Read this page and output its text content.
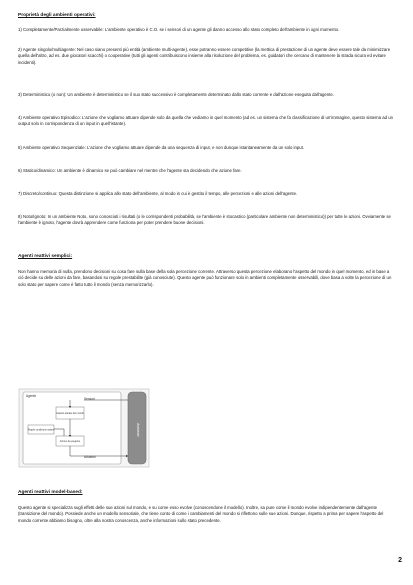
Proprietà degli ambienti operativi:

1) Completamente/Parzialmente osservabile: L'ambiente operativo è C.O. se i sensori di un agente gli danno accesso allo stato completo dell'ambiente in ogni momento.

2) Agente singolo/multiagente: Nel caso siano presenti più entità (ambiente multi-agente), esse potranno essere competitive (la mettica di prestazione di un agente deve essere tale da minimizzare quella dell'altro, ad es. due giocatori scacchi) o cooperative (tutti gli agenti contribuiscono insieme alla risoluzione del problema, es. guidatori che cercano di mantenere la strada sicura ed evitare incidenti).

3) Deterministico (o non): Un ambiente è deterministico se il suo stato successivo è completamente determinato dallo stato corrente e dall'azione eseguita dall'agente.

4) Ambiente operativo Episodico: L'azione che vogliamo attuare dipende solo da quella che vediamo in quel momento (ad es. un sistema che fa classificazione di un'immagine, questo sistema ad un output solo in corrispondenza di un input in quell'istante).

5) Ambiente operativo Sequenziale: L'azione che vogliamo attuare dipende da una sequenza di input, e non dunque istantaneamente da un solo input.

6) Statico/dinamico: Un ambiente è dinamico se può cambiare nel mentre che l'agente sta decidendo che azione fare.

7) Discreto/continuo: Questa distinzione si applica allo stato dell'ambiente, al modo in cui è gestito il tempo, alle percezioni e alle azioni dell'agente.

8) Noto/Ignoto: In un ambiente Noto, sono conosciuti i risultati (o le corrispondenti probabilità, se l'ambiente è stocastico (particolare ambiente non deterministico)) per tutte le azioni. Ovviamente se l'ambiente è ignoto, l'agente dovrà apprendere come funziona per poter prendere buone decisioni.

Agenti reattivi semplici:

Non hanno memoria di nulla, prendono decisioni su cosa fare sulla base della sola percezione corrente. Attraverso questa percezione elaborano l'aspetto del mondo in quel momento, ed in base a ciò decide su delle azioni da fare, basandosi su regole prestabilite (già conosciute). Questo agente può funzionare solo in ambienti completamente osservabili, dove basa a volte la percezione di un solo stato per sapere come è fatto tutto il mondo (senza memorizzarlo).

Agente
Ambiente
Sensori
Aspetto attuale del mondo
Regole condizione-azione
Azione da eseguire
Attuatori

Agenti reattivi model-based:

Questo agente si specializza sugli effetti delle sue azioni sul mondo, e su come esso evolve (conoscendone il modello). Inoltre, sa pure come il mondo evolve indipendentemente dall'agente (transizione del mondo). Possiede anche un modello sensoriale, che tiene conto di come i cambiamenti del mondo si riflettono sulle sue azioni. Dunque, rispetto a prima per sapere l'aspetto del mondo corrente abbiamo bisogno, oltre alla nostra conoscenza, anche informazioni sullo stato precedente.

2
